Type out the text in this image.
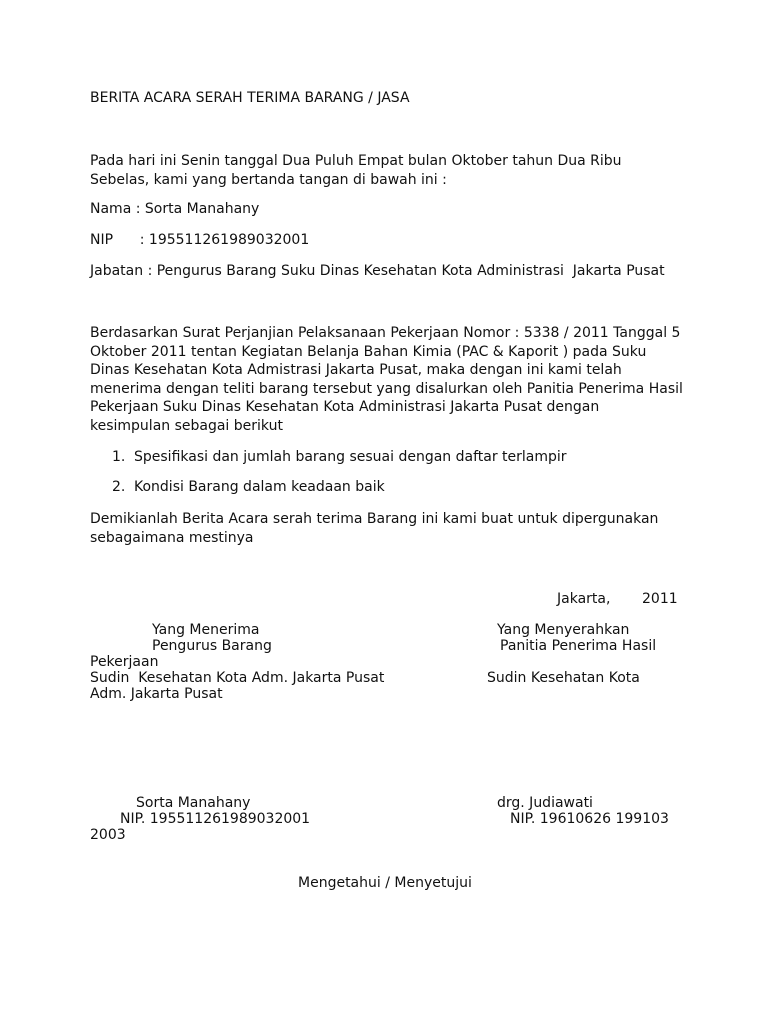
BERITA ACARA SERAH TERIMA BARANG / JASA

Pada hari ini Senin tanggal Dua Puluh Empat bulan Oktober tahun Dua Ribu

Sebelas, kami yang bertanda tangan di bawah ini :

Nama : Sorta Manahany
NIP      : 195511261989032001
Jabatan : Pengurus Barang Suku Dinas Kesehatan Kota Administrasi  Jakarta Pusat

Berdasarkan Surat Perjanjian Pelaksanaan Pekerjaan Nomor : 5338 / 2011 Tanggal 5

Oktober 2011 tentan Kegiatan Belanja Bahan Kimia (PAC & Kaporit ) pada Suku

Dinas Kesehatan Kota Admistrasi Jakarta Pusat, maka dengan ini kami telah

menerima dengan teliti barang tersebut yang disalurkan oleh Panitia Penerima Hasil

Pekerjaan Suku Dinas Kesehatan Kota Administrasi Jakarta Pusat dengan

kesimpulan sebagai berikut

1. Spesifikasi dan jumlah barang sesuai dengan daftar terlampir
2. Kondisi Barang dalam keadaan baik

Demikianlah Berita Acara serah terima Barang ini kami buat untuk dipergunakan

sebagaimana mestinya

Jakarta, 2011
Yang Menerima
Pengurus Barang
Sudin  Kesehatan Kota Adm. Jakarta Pusat
Yang Menyerahkan
Panitia Penerima Hasil
Pekerjaan
Sudin Kesehatan Kota
Adm. Jakarta Pusat
Sorta Manahany
NIP. 195511261989032001
drg. Judiawati
NIP. 19610626 199103
2003
Mengetahui / Menyetujui
